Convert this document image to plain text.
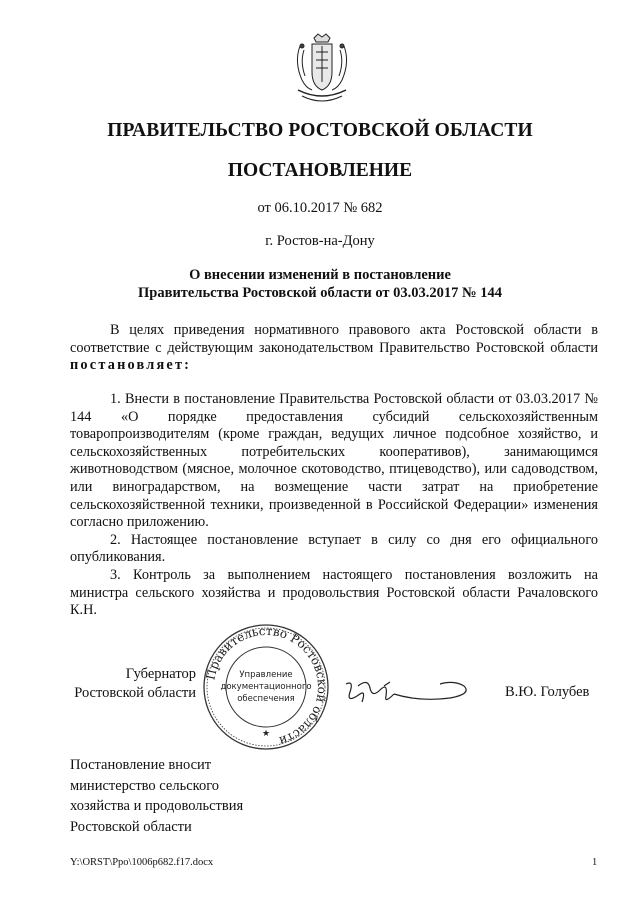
ПРАВИТЕЛЬСТВО РОСТОВСКОЙ ОБЛАСТИ
ПОСТАНОВЛЕНИЕ
от 06.10.2017 № 682
г. Ростов-на-Дону
О внесении изменений в постановление
Правительства Ростовской области от 03.03.2017 № 144

В целях приведения нормативного правового акта Ростовской области в соответствие с действующим законодательством Правительство Ростовской области постановляет:

1. Внести в постановление Правительства Ростовской области от 03.03.2017 № 144 «О порядке предоставления субсидий сельскохозяйственным товаропроизводителям (кроме граждан, ведущих личное подсобное хозяйство, и сельскохозяйственных потребительских кооперативов), занимающимся животноводством (мясное, молочное скотоводство, птицеводство), или садоводством, или виноградарством, на возмещение части затрат на приобретение сельскохозяйственной техники, произведенной в Российской Федерации» изменения согласно приложению.

2. Настоящее постановление вступает в силу со дня его официального опубликования.

3. Контроль за выполнением настоящего постановления возложить на министра сельского хозяйства и продовольствия Ростовской области Рачаловского К.Н.

Губернатор
Ростовской области
Правительство Ростовской области
Управление
документационного
обеспечения
★
В.Ю. Голубев
Постановление вносит
министерство сельского
хозяйства и продовольствия
Ростовской области
Y:\ORST\Ppo\1006p682.f17.docx	1
